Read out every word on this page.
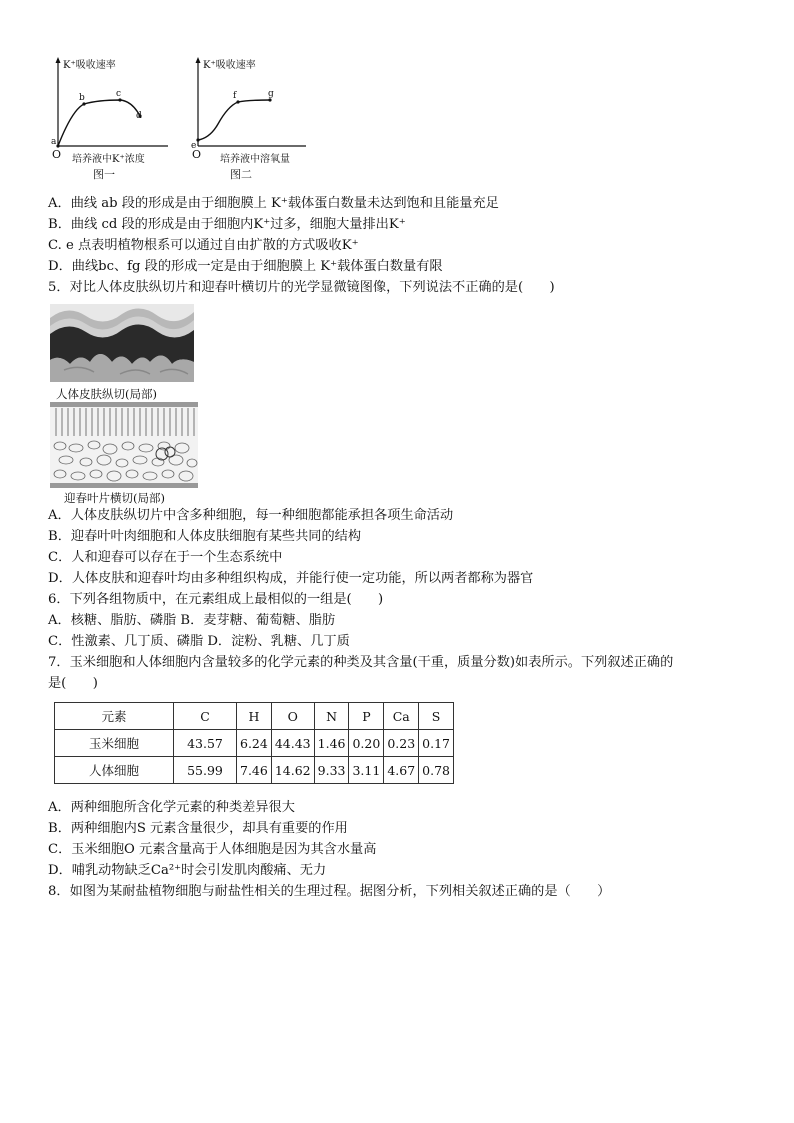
a
b	c
d
K⁺吸收速率
O 培养液中K⁺浓度
图一
e
f	g
K⁺吸收速率
O 培养液中溶氧量
图二
A．曲线 ab 段的形成是由于细胞膜上 K⁺载体蛋白数量未达到饱和且能量充足
B．曲线 cd 段的形成是由于细胞内K⁺过多，细胞大量排出K⁺
C. e 点表明植物根系可以通过自由扩散的方式吸收K⁺
D．曲线bc、fg 段的形成一定是由于细胞膜上 K⁺载体蛋白数量有限
5．对比人体皮肤纵切片和迎春叶横切片的光学显微镜图像，下列说法不正确的是(　　)
人体皮肤纵切(局部)
迎春叶片横切(局部)
A．人体皮肤纵切片中含多种细胞，每一种细胞都能承担各项生命活动
B．迎春叶叶肉细胞和人体皮肤细胞有某些共同的结构
C．人和迎春可以存在于一个生态系统中
D．人体皮肤和迎春叶均由多种组织构成，并能行使一定功能，所以两者都称为器官
6．下列各组物质中，在元素组成上最相似的一组是(　　)
A．核糖、脂肪、磷脂 B．麦芽糖、葡萄糖、脂肪
C．性激素、几丁质、磷脂 D．淀粉、乳糖、几丁质
7．玉米细胞和人体细胞内含量较多的化学元素的种类及其含量(干重，质量分数)如表所示。下列叙述正确的
是(　　)
元素	C	H	O	N	P	Ca	S
玉米细胞	43.57	6.24	44.43	1.46	0.20	0.23	0.17
人体细胞	55.99	7.46	14.62	9.33	3.11	4.67	0.78
A．两种细胞所含化学元素的种类差异很大
B．两种细胞内S 元素含量很少，却具有重要的作用
C．玉米细胞O 元素含量高于人体细胞是因为其含水量高
D．哺乳动物缺乏Ca²⁺时会引发肌肉酸痛、无力
8．如图为某耐盐植物细胞与耐盐性相关的生理过程。据图分析，下列相关叙述正确的是（　　）
